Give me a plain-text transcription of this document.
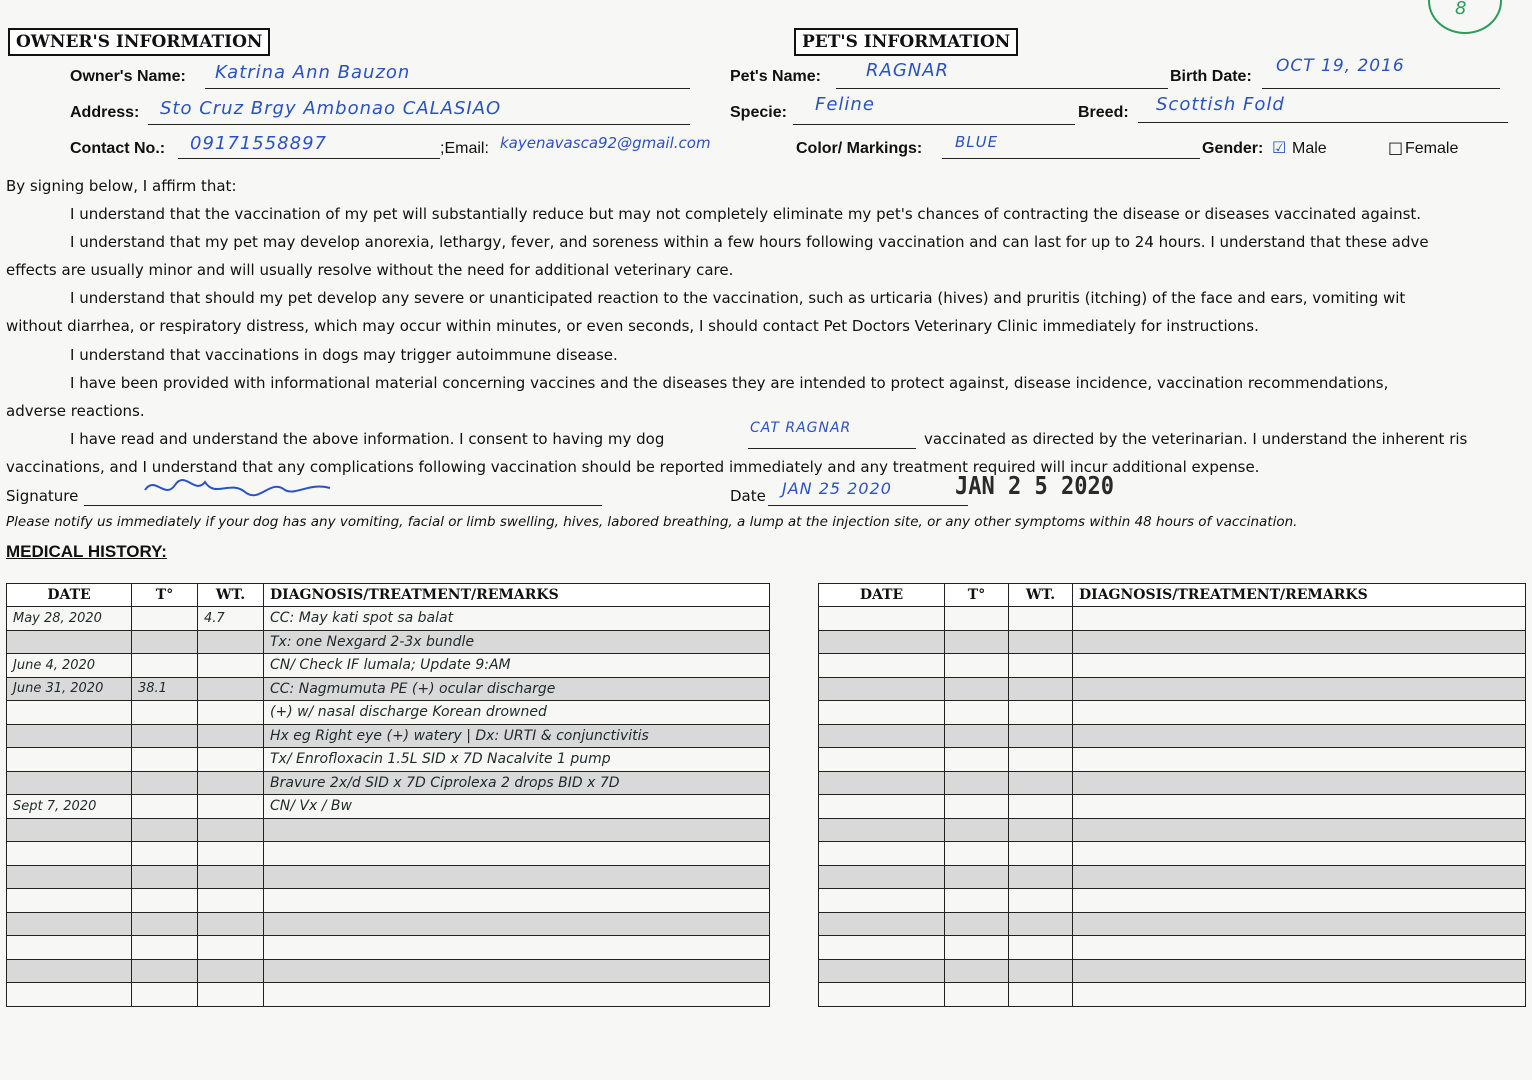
8
OWNER'S INFORMATION	PET'S INFORMATION
Owner's Name: Katrina Ann Bauzon
Address: Sto Cruz Brgy Ambonao CALASIAO
Contact No.: 09171558897	;Email: kayenavasca92@gmail.com
Pet's Name:	RAGNAR	Birth Date:
OCT 19, 2016
Specie: Feline	Breed: Scottish Fold
Color/ Markings: BLUE	Gender: ☑ Male	□ Female
By signing below, I affirm that:
I understand that the vaccination of my pet will substantially reduce but may not completely eliminate my pet's chances of contracting the disease or diseases vaccinated against.
I understand that my pet may develop anorexia, lethargy, fever, and soreness within a few hours following vaccination and can last for up to 24 hours. I understand that these adve
effects are usually minor and will usually resolve without the need for additional veterinary care.
I understand that should my pet develop any severe or unanticipated reaction to the vaccination, such as urticaria (hives) and pruritis (itching) of the face and ears, vomiting wit
without diarrhea, or respiratory distress, which may occur within minutes, or even seconds, I should contact Pet Doctors Veterinary Clinic immediately for instructions.
I understand that vaccinations in dogs may trigger autoimmune disease.
I have been provided with informational material concerning vaccines and the diseases they are intended to protect against, disease incidence, vaccination recommendations,
adverse reactions.
I have read and understand the above information. I consent to having my dog
CAT RAGNAR
vaccinated as directed by the veterinarian. I understand the inherent ris
vaccinations, and I understand that any complications following vaccination should be reported immediately and any treatment required will incur additional expense.
Signature	Date JAN 25 2020	JAN 2 5 2020
Please notify us immediately if your dog has any vomiting, facial or limb swelling, hives, labored breathing, a lump at the injection site, or any other symptoms within 48 hours of vaccination.
MEDICAL HISTORY:
DATE	T°	WT.	DIAGNOSIS/TREATMENT/REMARKS

May 28, 2020		4.7	CC: May kati spot sa balat

			Tx: one Nexgard 2-3x bundle

June 4, 2020			CN/ Check IF lumala; Update 9:AM

June 31, 2020	38.1		CC: Nagmumuta PE (+) ocular discharge

			(+) w/ nasal discharge Korean drowned

			Hx eg Right eye (+) watery | Dx: URTI & conjunctivitis

			Tx/ Enrofloxacin 1.5L SID x 7D Nacalvite 1 pump

			Bravure 2x/d SID x 7D Ciprolexa 2 drops BID x 7D

Sept 7, 2020			CN/ Vx / Bw

DATE	T°	WT.	DIAGNOSIS/TREATMENT/REMARKS
